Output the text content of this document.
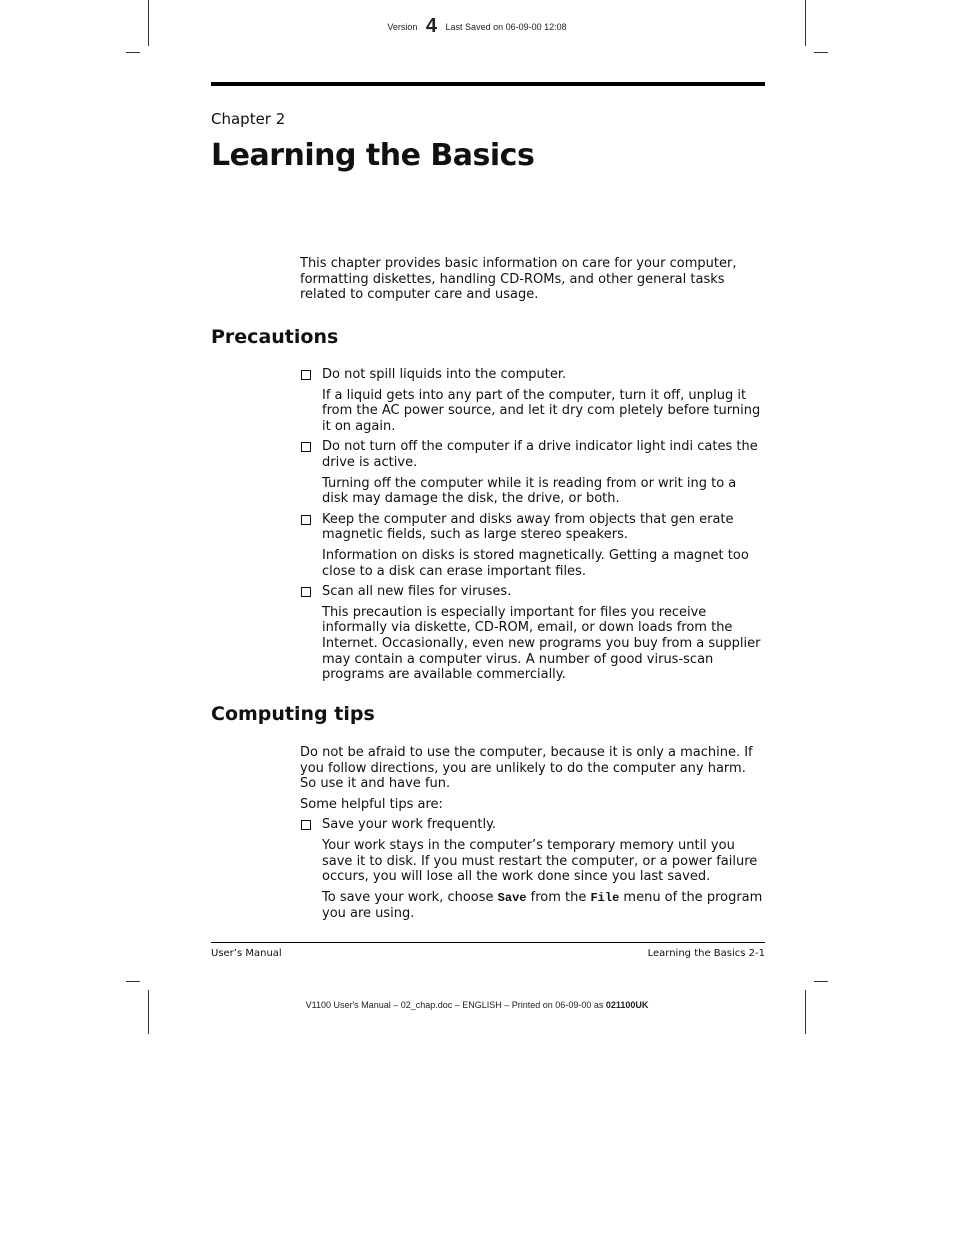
Version 4 Last Saved on 06-09-00 12:08
Chapter 2
Learning the Basics

This chapter provides basic information on care for your computer, formatting diskettes, handling CD-ROMs, and other general tasks related to computer care and usage.

Precautions
Do not spill liquids into the computer.
If a liquid gets into any part of the computer, turn it off, unplug it from the AC power source, and let it dry com pletely before turning it on again.
Do not turn off the computer if a drive indicator light indi cates the drive is active.
Turning off the computer while it is reading from or writ ing to a disk may damage the disk, the drive, or both.
Keep the computer and disks away from objects that gen erate magnetic fields, such as large stereo speakers.
Information on disks is stored magnetically. Getting a magnet too close to a disk can erase important files.
Scan all new files for viruses.
This precaution is especially important for files you receive informally via diskette, CD-ROM, email, or down loads from the Internet. Occasionally, even new programs you buy from a supplier may contain a computer virus. A number of good virus-scan programs are available commercially.
Computing tips

Do not be afraid to use the computer, because it is only a machine. If you follow directions, you are unlikely to do the computer any harm. So use it and have fun.

Some helpful tips are:

Save your work frequently.
Your work stays in the computer’s temporary memory until you save it to disk. If you must restart the computer, or a power failure occurs, you will lose all the work done since you last saved.
To save your work, choose Save from the File menu of the program you are using.
User’s Manual	Learning the Basics 2-1
V1100 User's Manual – 02_chap.doc – ENGLISH – Printed on 06-09-00 as 021100UK
